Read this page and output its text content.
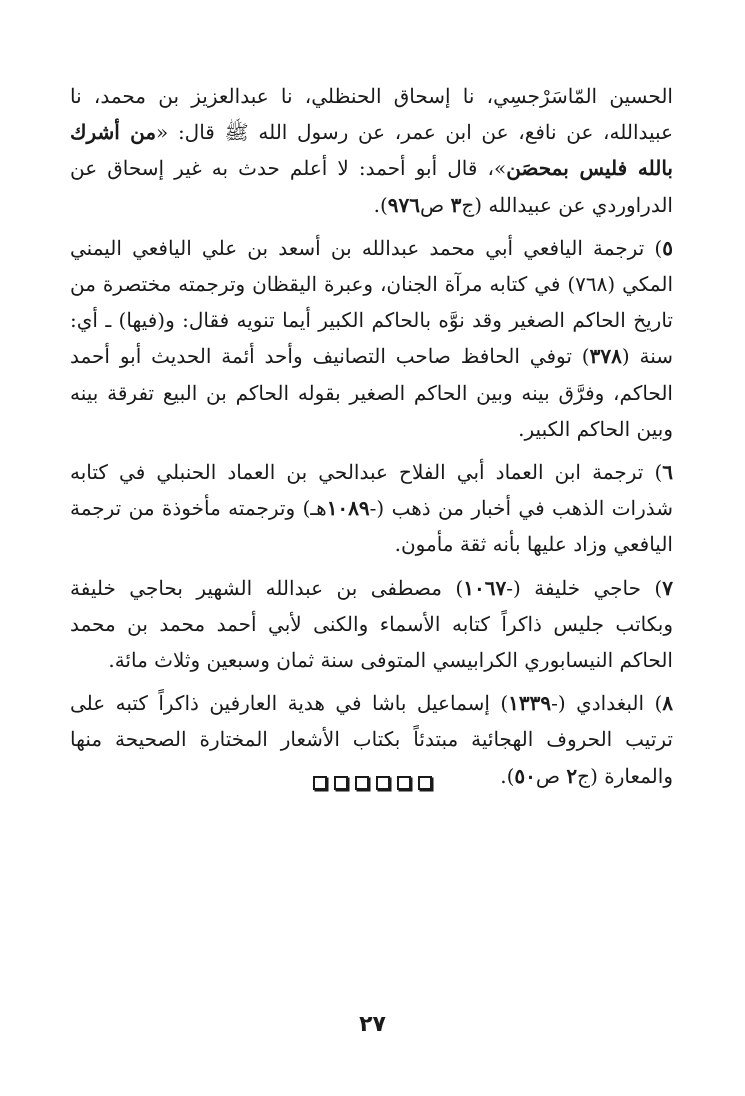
الحسين المّاسَرْجسِي، نا إسحاق الحنظلي، نا عبدالعزيز بن محمد، نا عبيدالله، عن نافع، عن ابن عمر، عن رسول الله ﷺ قال: «من أشرك بالله فليس بمحصَن»، قال أبو أحمد: لا أعلم حدث به غير إسحاق عن الدراوردي عن عبيدالله (ج٣ ص٩٧٦).

٥) ترجمة اليافعي أبي محمد عبدالله بن أسعد بن علي اليافعي اليمني المكي (٧٦٨) في كتابه مرآة الجنان، وعبرة اليقظان وترجمته مختصرة من تاريخ الحاكم الصغير وقد نوَّه بالحاكم الكبير أيما تنويه فقال: و(فيها) ـ أي: سنة (٣٧٨) توفي الحافظ صاحب التصانيف وأحد أئمة الحديث أبو أحمد الحاكم، وفرَّق بينه وبين الحاكم الصغير بقوله الحاكم بن البيع تفرقة بينه وبين الحاكم الكبير.

٦) ترجمة ابن العماد أبي الفلاح عبدالحي بن العماد الحنبلي في كتابه شذرات الذهب في أخبار من ذهب (-١٠٨٩هـ) وترجمته مأخوذة من ترجمة اليافعي وزاد عليها بأنه ثقة مأمون.

٧) حاجي خليفة (-١٠٦٧) مصطفى بن عبدالله الشهير بحاجي خليفة وبكاتب جليس ذاكراً كتابه الأسماء والكنى لأبي أحمد محمد بن محمد الحاكم النيسابوري الكرابيسي المتوفى سنة ثمان وسبعين وثلاث مائة.

٨) البغدادي (-١٣٣٩) إسماعيل باشا في هدية العارفين ذاكراً كتبه على ترتيب الحروف الهجائية مبتدئاً بكتاب الأشعار المختارة الصحيحة منها والمعارة (ج٢ ص٥٠).

٢٧
